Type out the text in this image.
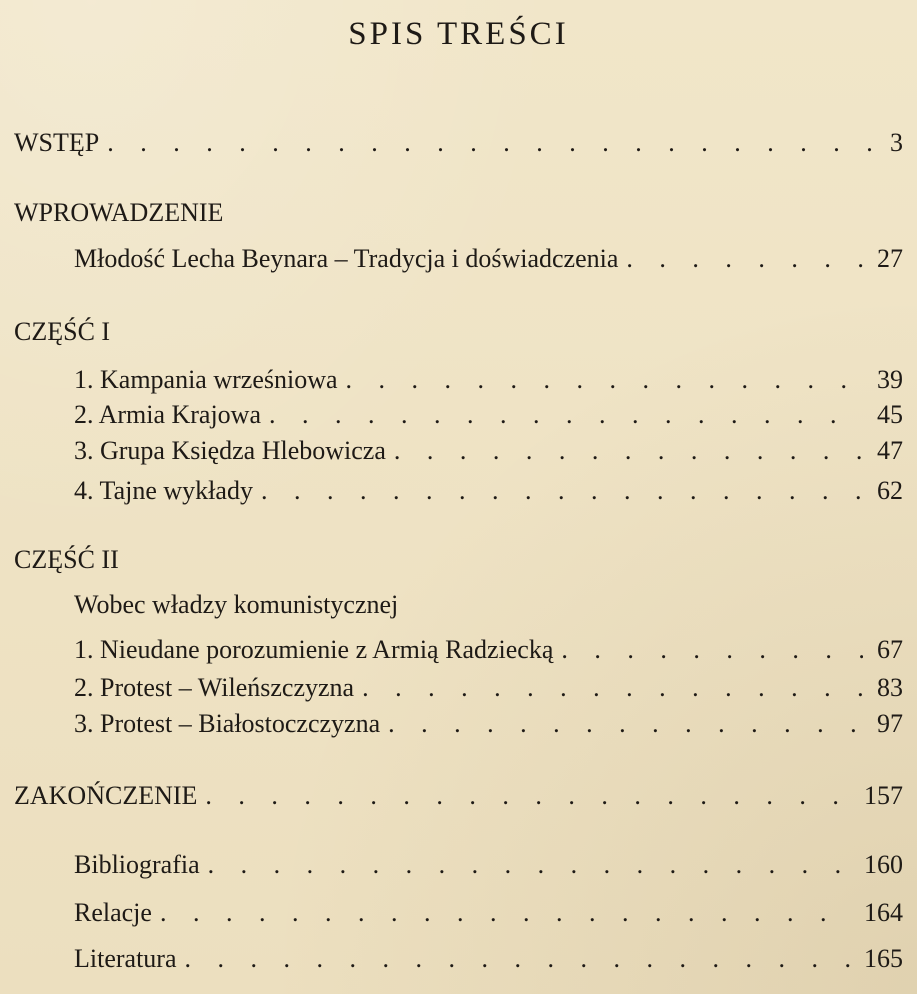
SPIS TREŚCI
WSTĘP . . .	3
WPROWADZENIE
Młodość Lecha Beynara – Tradycja i doświadczenia . . .	27
CZĘŚĆ I
1. Kampania wrześniowa . . .	39
2. Armia Krajowa . . .	45
3. Grupa Księdza Hlebowicza . . .	47
4. Tajne wykłady . . .	62
CZĘŚĆ II
Wobec władzy komunistycznej
1. Nieudane porozumienie z Armią Radziecką . . .	67
2. Protest – Wileńszczyzna . . .	83
3. Protest – Białostoczczyzna . . .	97
ZAKOŃCZENIE . . .	157
Bibliografia . . .	160
Relacje . . .	164
Literatura . . .	165
